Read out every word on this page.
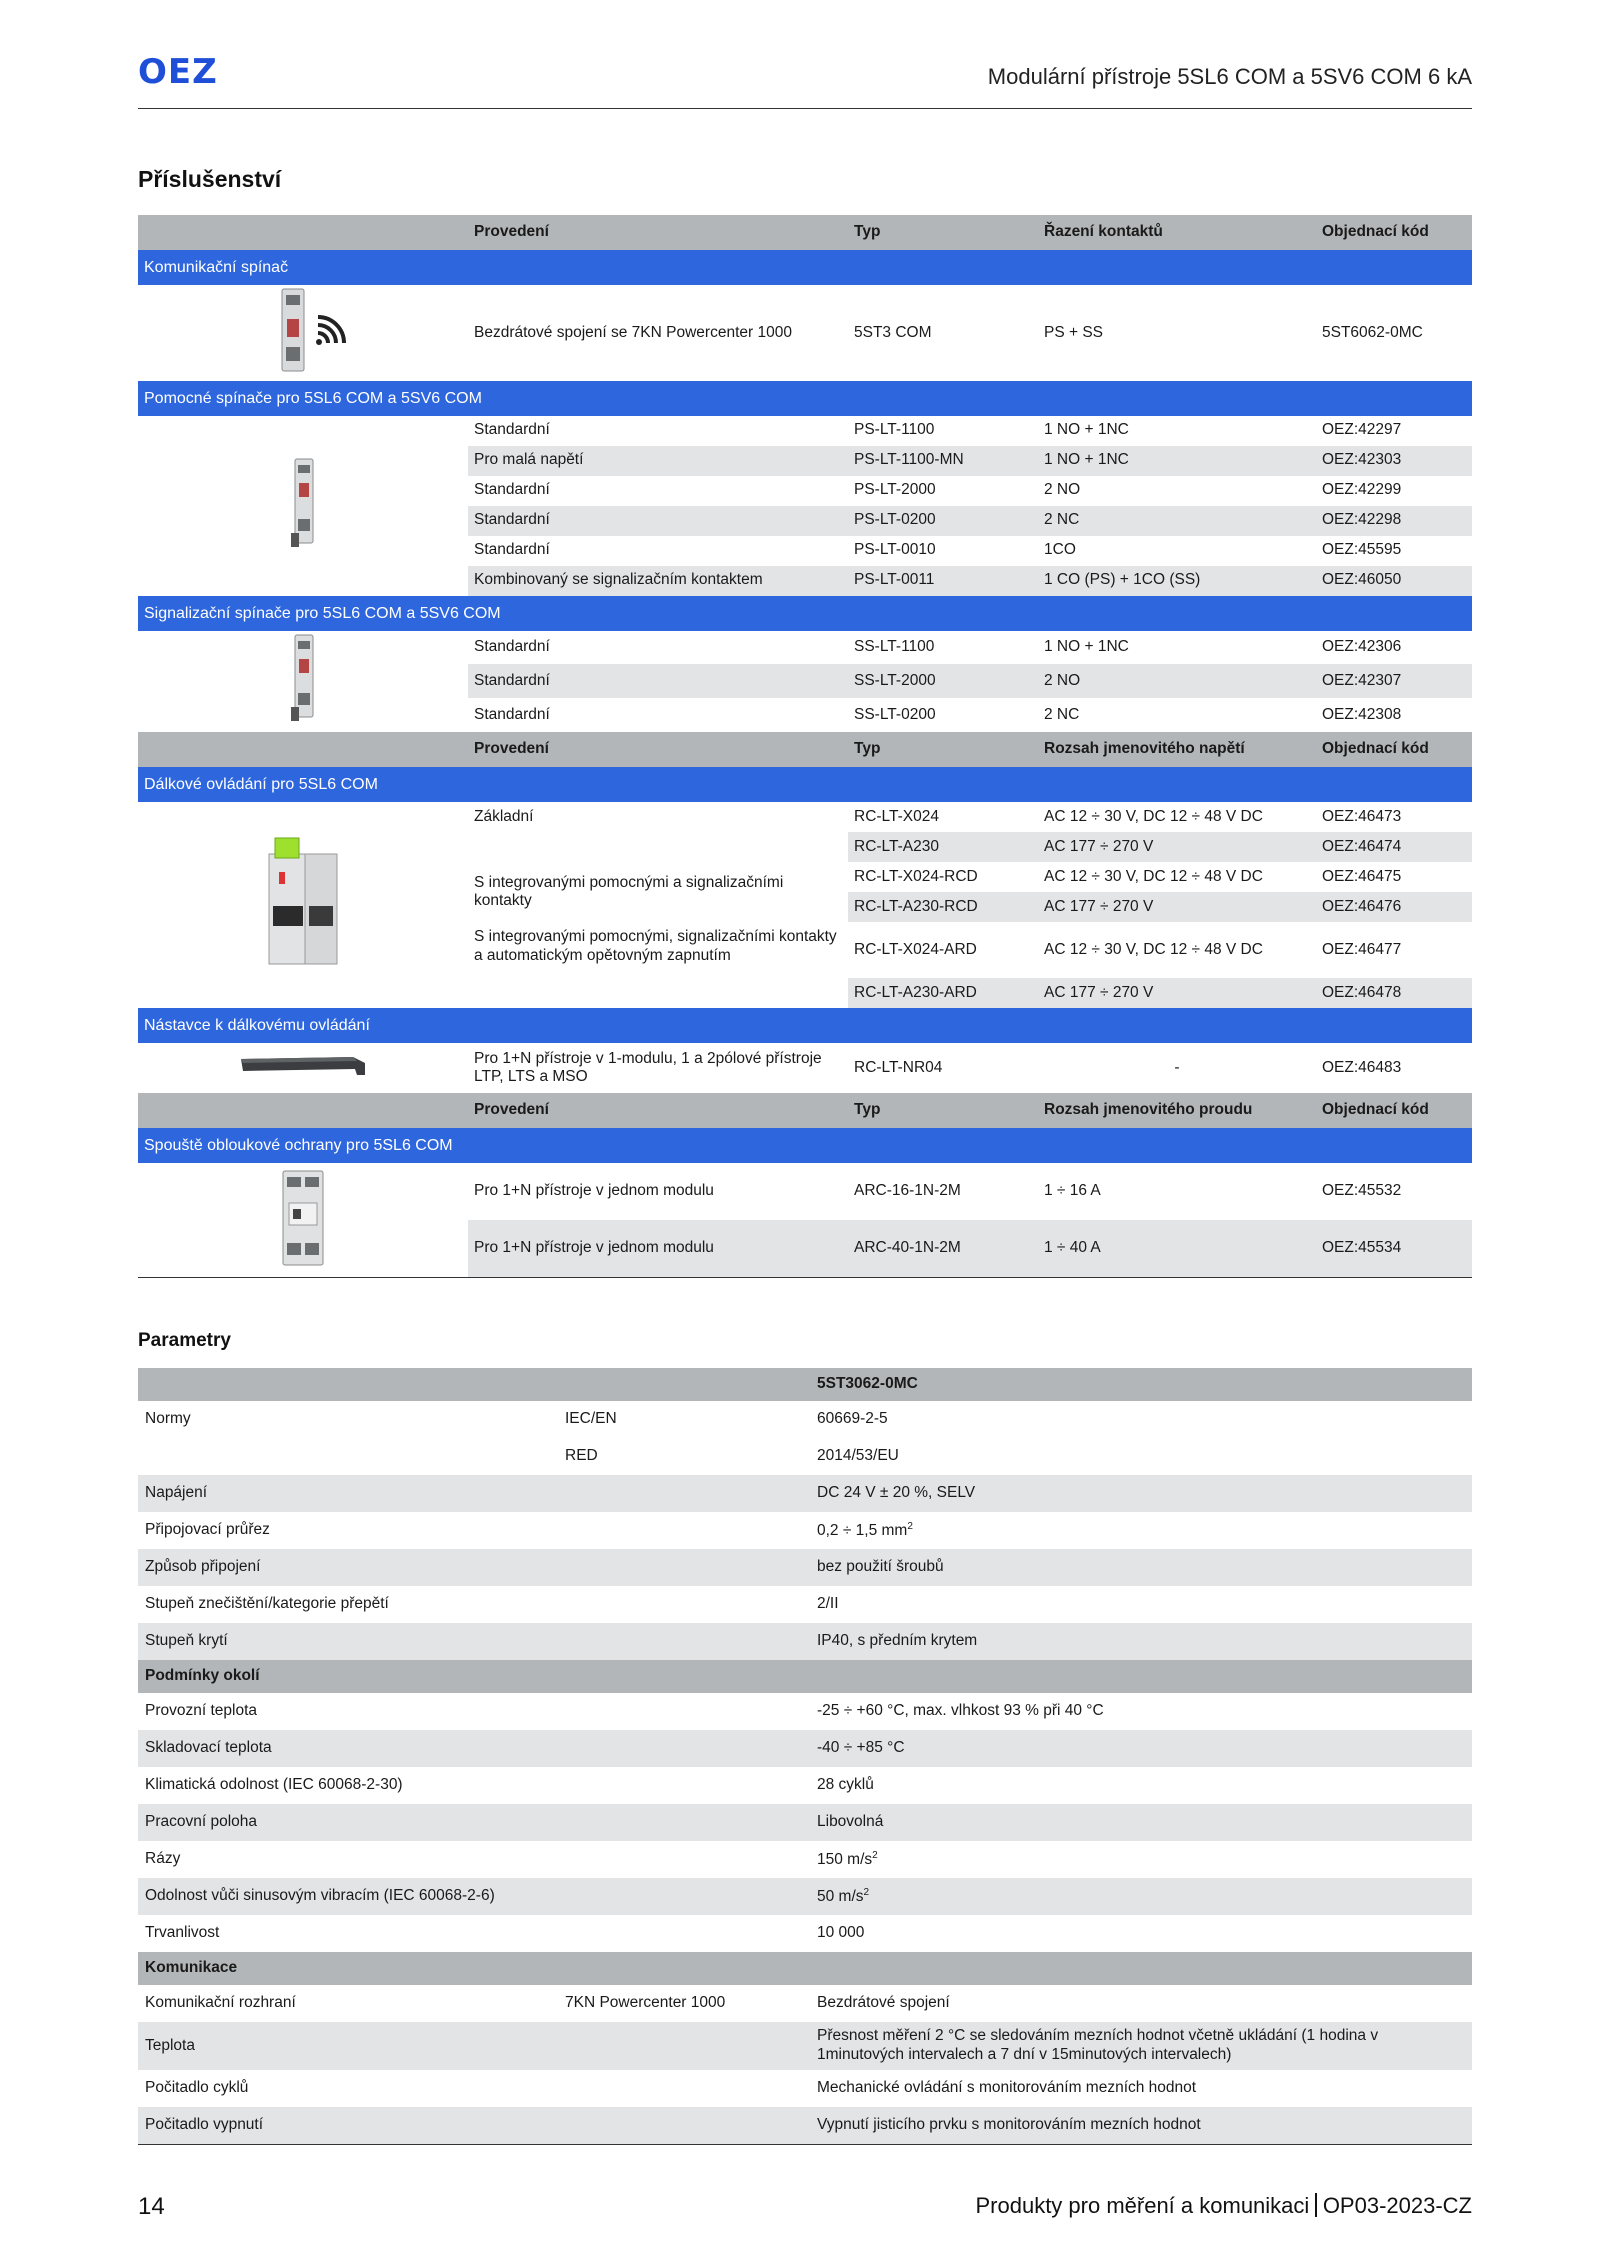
OEZ	Modulární přístroje 5SL6 COM a 5SV6 COM 6 kA
Příslušenství
	Provedení	Typ	Řazení kontaktů	Objednací kód
Komunikační spínač				
	Bezdrátové spojení se 7KN Powercenter 1000	5ST3 COM	PS + SS	5ST6062-0MC
Pomocné spínače pro 5SL6 COM a 5SV6 COM				
	Standardní	PS-LT-1100	1 NO + 1NC	OEZ:42297
	Pro malá napětí	PS-LT-1100-MN	1 NO + 1NC	OEZ:42303
	Standardní	PS-LT-2000	2 NO	OEZ:42299
	Standardní	PS-LT-0200	2 NC	OEZ:42298
	Standardní	PS-LT-0010	1CO	OEZ:45595
	Kombinovaný se signalizačním kontaktem	PS-LT-0011	1 CO (PS) + 1CO (SS)	OEZ:46050
Signalizační spínače pro 5SL6 COM a 5SV6 COM				
	Standardní	SS-LT-1100	1 NO + 1NC	OEZ:42306
	Standardní	SS-LT-2000	2 NO	OEZ:42307
	Standardní	SS-LT-0200	2 NC	OEZ:42308
	Provedení	Typ	Rozsah jmenovitého napětí	Objednací kód
Dálkové ovládání pro 5SL6 COM				
	Základní	RC-LT-X024	AC 12 ÷ 30 V, DC 12 ÷ 48 V DC	OEZ:46473
		RC-LT-A230	AC 177 ÷ 270 V	OEZ:46474
	S integrovanými pomocnými a signalizačními kontakty	RC-LT-X024-RCD	AC 12 ÷ 30 V, DC 12 ÷ 48 V DC	OEZ:46475
		RC-LT-A230-RCD	AC 177 ÷ 270 V	OEZ:46476
	S integrovanými pomocnými, signalizačními kontakty a automatickým opětovným zapnutím	RC-LT-X024-ARD	AC 12 ÷ 30 V, DC 12 ÷ 48 V DC	OEZ:46477
		RC-LT-A230-ARD	AC 177 ÷ 270 V	OEZ:46478
Nástavce k dálkovému ovládání				
	Pro 1+N přístroje v 1-modulu, 1 a 2pólové přístroje LTP, LTS a MSO	RC-LT-NR04	-	OEZ:46483
	Provedení	Typ	Rozsah jmenovitého proudu	Objednací kód
Spouště obloukové ochrany pro 5SL6 COM				
	Pro 1+N přístroje v jednom modulu	ARC-16-1N-2M	1 ÷ 16 A	OEZ:45532
	Pro 1+N přístroje v jednom modulu	ARC-40-1N-2M	1 ÷ 40 A	OEZ:45534
Parametry
		5ST3062-0MC
Normy	IEC/EN	60669-2-5
	RED	2014/53/EU
Napájení		DC 24 V ± 20 %, SELV
Připojovací průřez		0,2 ÷ 1,5 $mm^2$
Způsob připojení		bez použití šroubů
Stupeň znečištění/kategorie přepětí		2/II
Stupeň krytí		IP40, s předním krytem
Podmínky okolí		
Provozní teplota		-25 ÷ +60 °C, max. vlhkost 93 % při 40 °C
Skladovací teplota		-40 ÷ +85 °C
Klimatická odolnost (IEC 60068-2-30)		28 cyklů
Pracovní poloha		Libovolná
Rázy		150 $m/s^2$
Odolnost vůči sinusovým vibracím (IEC 60068-2-6)		50 $m/s^2$
Trvanlivost		10 000
Komunikace		
Komunikační rozhraní	7KN Powercenter 1000	Bezdrátové spojení
Teplota		Přesnost měření 2 °C se sledováním mezních hodnot včetně ukládání (1 hodina v 1minutových intervalech a 7 dní v 15minutových intervalech)
Počitadlo cyklů		Mechanické ovládání s monitorováním mezních hodnot
Počitadlo vypnutí		Vypnutí jisticího prvku s monitorováním mezních hodnot
14	Produkty pro měření a komunikaci OP03-2023-CZ
